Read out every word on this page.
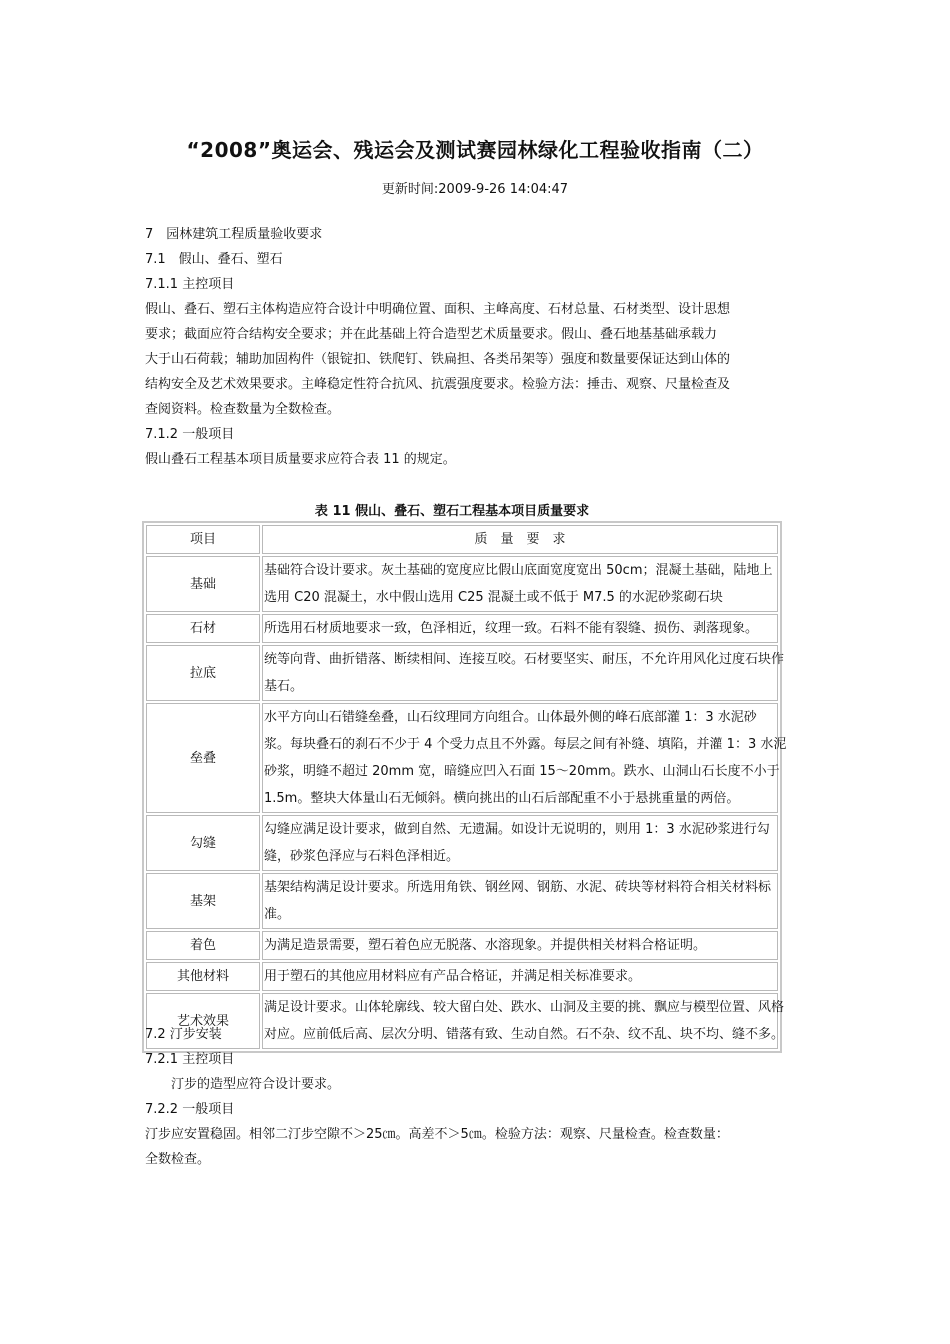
“2008”奥运会、残运会及测试赛园林绿化工程验收指南（二）
更新时间:2009-9-26 14:04:47
7　园林建筑工程质量验收要求
7.1　假山、叠石、塑石
7.1.1 主控项目
假山、叠石、塑石主体构造应符合设计中明确位置、面积、主峰高度、石材总量、石材类型、设计思想
要求；截面应符合结构安全要求；并在此基础上符合造型艺术质量要求。假山、叠石地基基础承载力
大于山石荷载；辅助加固构件（银锭扣、铁爬钉、铁扁担、各类吊架等）强度和数量要保证达到山体的
结构安全及艺术效果要求。主峰稳定性符合抗风、抗震强度要求。检验方法：捶击、观察、尺量检查及
查阅资料。检查数量为全数检查。
7.1.2 一般项目
假山叠石工程基本项目质量要求应符合表 11 的规定。
表 11 假山、叠石、塑石工程基本项目质量要求
项目	质　量　要　求
基础	基础符合设计要求。灰土基础的宽度应比假山底面宽度宽出 50cm；混凝土基础，陆地上
选用 C20 混凝土，水中假山选用 C25 混凝土或不低于 M7.5 的水泥砂浆砌石块

石材	所选用石材质地要求一致，色泽相近，纹理一致。石料不能有裂缝、损伤、剥落现象。

拉底	统等向背、曲折错落、断续相间、连接互咬。石材要坚实、耐压，不允许用风化过度石块作
基石。

垒叠	水平方向山石错缝垒叠，山石纹理同方向组合。山体最外侧的峰石底部灌 1：3 水泥砂
浆。每块叠石的刹石不少于 4 个受力点且不外露。每层之间有补缝、填陷，并灌 1：3 水泥
砂浆，明缝不超过 20mm 宽，暗缝应凹入石面 15～20mm。跌水、山洞山石长度不小于
1.5m。整块大体量山石无倾斜。横向挑出的山石后部配重不小于悬挑重量的两倍。

勾缝	勾缝应满足设计要求，做到自然、无遗漏。如设计无说明的，则用 1：3 水泥砂浆进行勾
缝，砂浆色泽应与石料色泽相近。

基架	基架结构满足设计要求。所选用角铁、钢丝网、钢筋、水泥、砖块等材料符合相关材料标
准。

着色	为满足造景需要，塑石着色应无脱落、水溶现象。并提供相关材料合格证明。

其他材料	用于塑石的其他应用材料应有产品合格证，并满足相关标准要求。

艺术效果	满足设计要求。山体轮廓线、较大留白处、跌水、山洞及主要的挑、飘应与模型位置、风格
对应。应前低后高、层次分明、错落有致、生动自然。石不杂、纹不乱、块不均、缝不多。
7.2 汀步安装
7.2.1 主控项目
　　汀步的造型应符合设计要求。
7.2.2 一般项目
汀步应安置稳固。相邻二汀步空隙不＞25㎝。高差不＞5㎝。检验方法：观察、尺量检查。检查数量：
全数检查。
